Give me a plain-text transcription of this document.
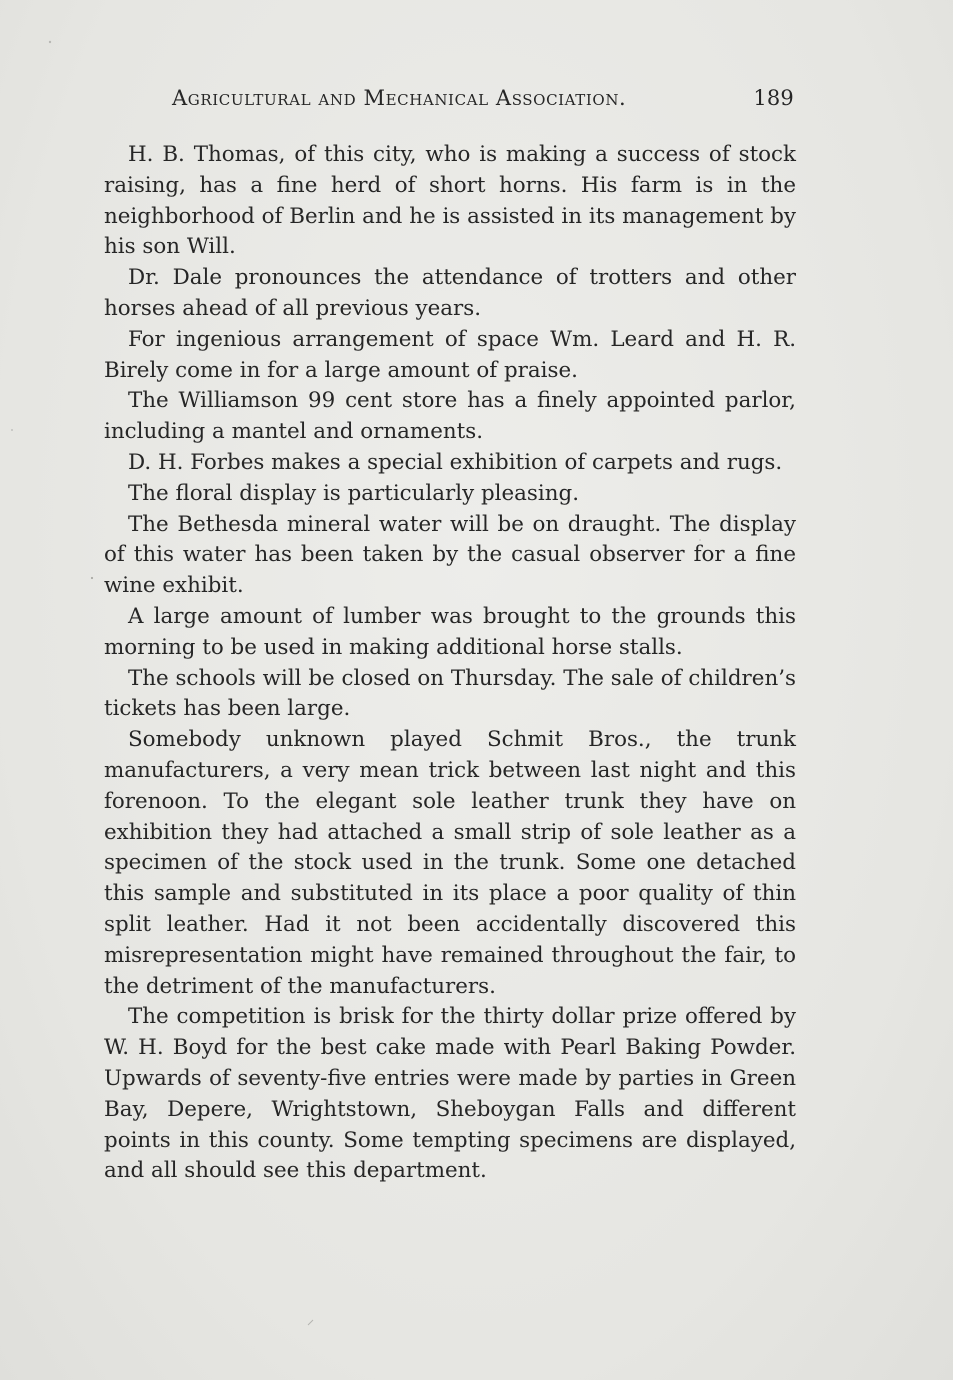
Agricultural and Mechanical Association.	189

H. B. Thomas, of this city, who is making a success of stock raising, has a fine herd of short horns. His farm is in the neighborhood of Berlin and he is assisted in its management by his son Will.

Dr. Dale pronounces the attendance of trotters and other horses ahead of all previous years.

For ingenious arrangement of space Wm. Leard and H. R. Birely come in for a large amount of praise.

The Williamson 99 cent store has a finely appointed parlor, including a mantel and ornaments.

D. H. Forbes makes a special exhibition of carpets and rugs.

The floral display is particularly pleasing.

The Bethesda mineral water will be on draught. The display of this water has been taken by the casual observer for a fine wine exhibit.

A large amount of lumber was brought to the grounds this morning to be used in making additional horse stalls.

The schools will be closed on Thursday. The sale of children’s tickets has been large.

Somebody unknown played Schmit Bros., the trunk manufacturers, a very mean trick between last night and this forenoon. To the elegant sole leather trunk they have on exhibition they had attached a small strip of sole leather as a specimen of the stock used in the trunk. Some one detached this sample and substituted in its place a poor quality of thin split leather. Had it not been accidentally discovered this misrepresentation might have remained throughout the fair, to the detriment of the manufacturers.

The competition is brisk for the thirty dollar prize offered by W. H. Boyd for the best cake made with Pearl Baking Powder. Upwards of seventy-five entries were made by parties in Green Bay, Depere, Wrightstown, Sheboygan Falls and different points in this county. Some tempting specimens are displayed, and all should see this department.
